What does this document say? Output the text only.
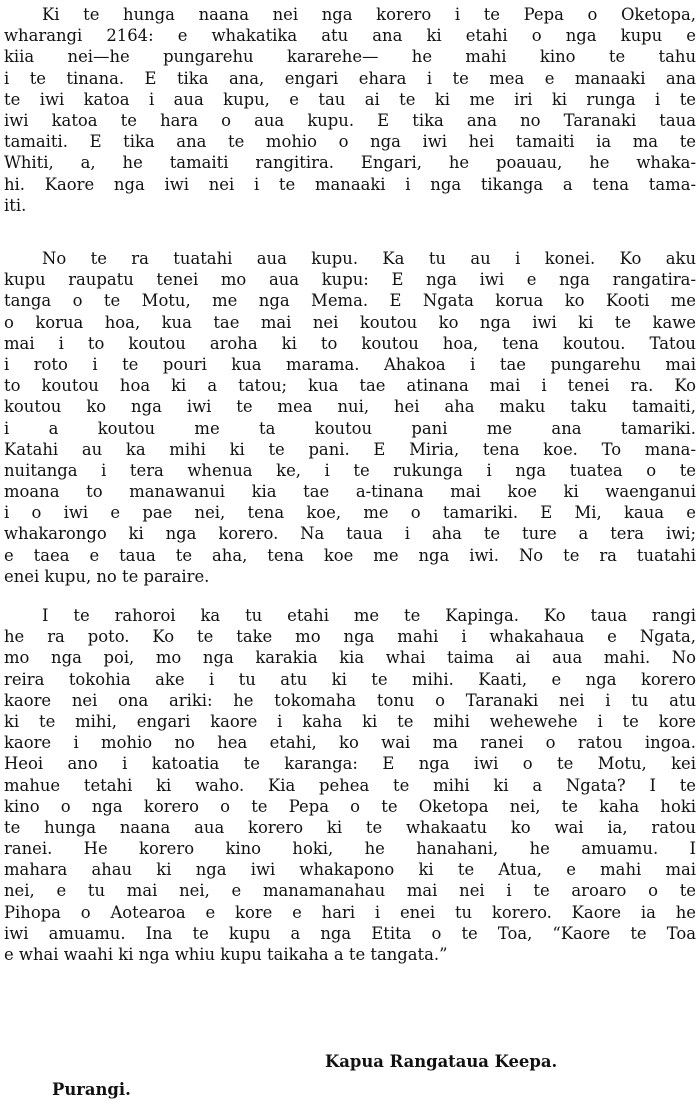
Ki te hunga naana nei nga korero i te Pepa o Oketopa,
wharangi 2164: e whakatika atu ana ki etahi o nga kupu e
kiia nei—he pungarehu kararehe— he mahi kino te tahu
i te tinana. E tika ana, engari ehara i te mea e manaaki ana
te iwi katoa i aua kupu, e tau ai te ki me iri ki runga i te
iwi katoa te hara o aua kupu. E tika ana no Taranaki taua
tamaiti. E tika ana te mohio o nga iwi hei tamaiti ia ma te
Whiti, a, he tamaiti rangitira. Engari, he poauau, he whaka-
hi. Kaore nga iwi nei i te manaaki i nga tikanga a tena tama-
iti.
No te ra tuatahi aua kupu. Ka tu au i konei. Ko aku
kupu raupatu tenei mo aua kupu: E nga iwi e nga rangatira-
tanga o te Motu, me nga Mema. E Ngata korua ko Kooti me
o korua hoa, kua tae mai nei koutou ko nga iwi ki te kawe
mai i to koutou aroha ki to koutou hoa, tena koutou. Tatou
i roto i te pouri kua marama. Ahakoa i tae pungarehu mai
to koutou hoa ki a tatou; kua tae atinana mai i tenei ra. Ko
koutou ko nga iwi te mea nui, hei aha maku taku tamaiti,
i a koutou me ta koutou pani me ana tamariki.
Katahi au ka mihi ki te pani. E Miria, tena koe. To mana-
nuitanga i tera whenua ke, i te rukunga i nga tuatea o te
moana to manawanui kia tae a-tinana mai koe ki waenganui
i o iwi e pae nei, tena koe, me o tamariki. E Mi, kaua e
whakarongo ki nga korero. Na taua i aha te ture a tera iwi;
e taea e taua te aha, tena koe me nga iwi. No te ra tuatahi
enei kupu, no te paraire.
I te rahoroi ka tu etahi me te Kapinga. Ko taua rangi
he ra poto. Ko te take mo nga mahi i whakahaua e Ngata,
mo nga poi, mo nga karakia kia whai taima ai aua mahi. No
reira tokohia ake i tu atu ki te mihi. Kaati, e nga korero
kaore nei ona ariki: he tokomaha tonu o Taranaki nei i tu atu
ki te mihi, engari kaore i kaha ki te mihi wehewehe i te kore
kaore i mohio no hea etahi, ko wai ma ranei o ratou ingoa.
Heoi ano i katoatia te karanga: E nga iwi o te Motu, kei
mahue tetahi ki waho. Kia pehea te mihi ki a Ngata? I te
kino o nga korero o te Pepa o te Oketopa nei, te kaha hoki
te hunga naana aua korero ki te whakaatu ko wai ia, ratou
ranei. He korero kino hoki, he hanahani, he amuamu. I
mahara ahau ki nga iwi whakapono ki te Atua, e mahi mai
nei, e tu mai nei, e manamanahau mai nei i te aroaro o te
Pihopa o Aotearoa e kore e hari i enei tu korero. Kaore ia he
iwi amuamu. Ina te kupu a nga Etita o te Toa, “Kaore te Toa
e whai waahi ki nga whiu kupu taikaha a te tangata.”
Kapua Rangataua Keepa.
Purangi.
